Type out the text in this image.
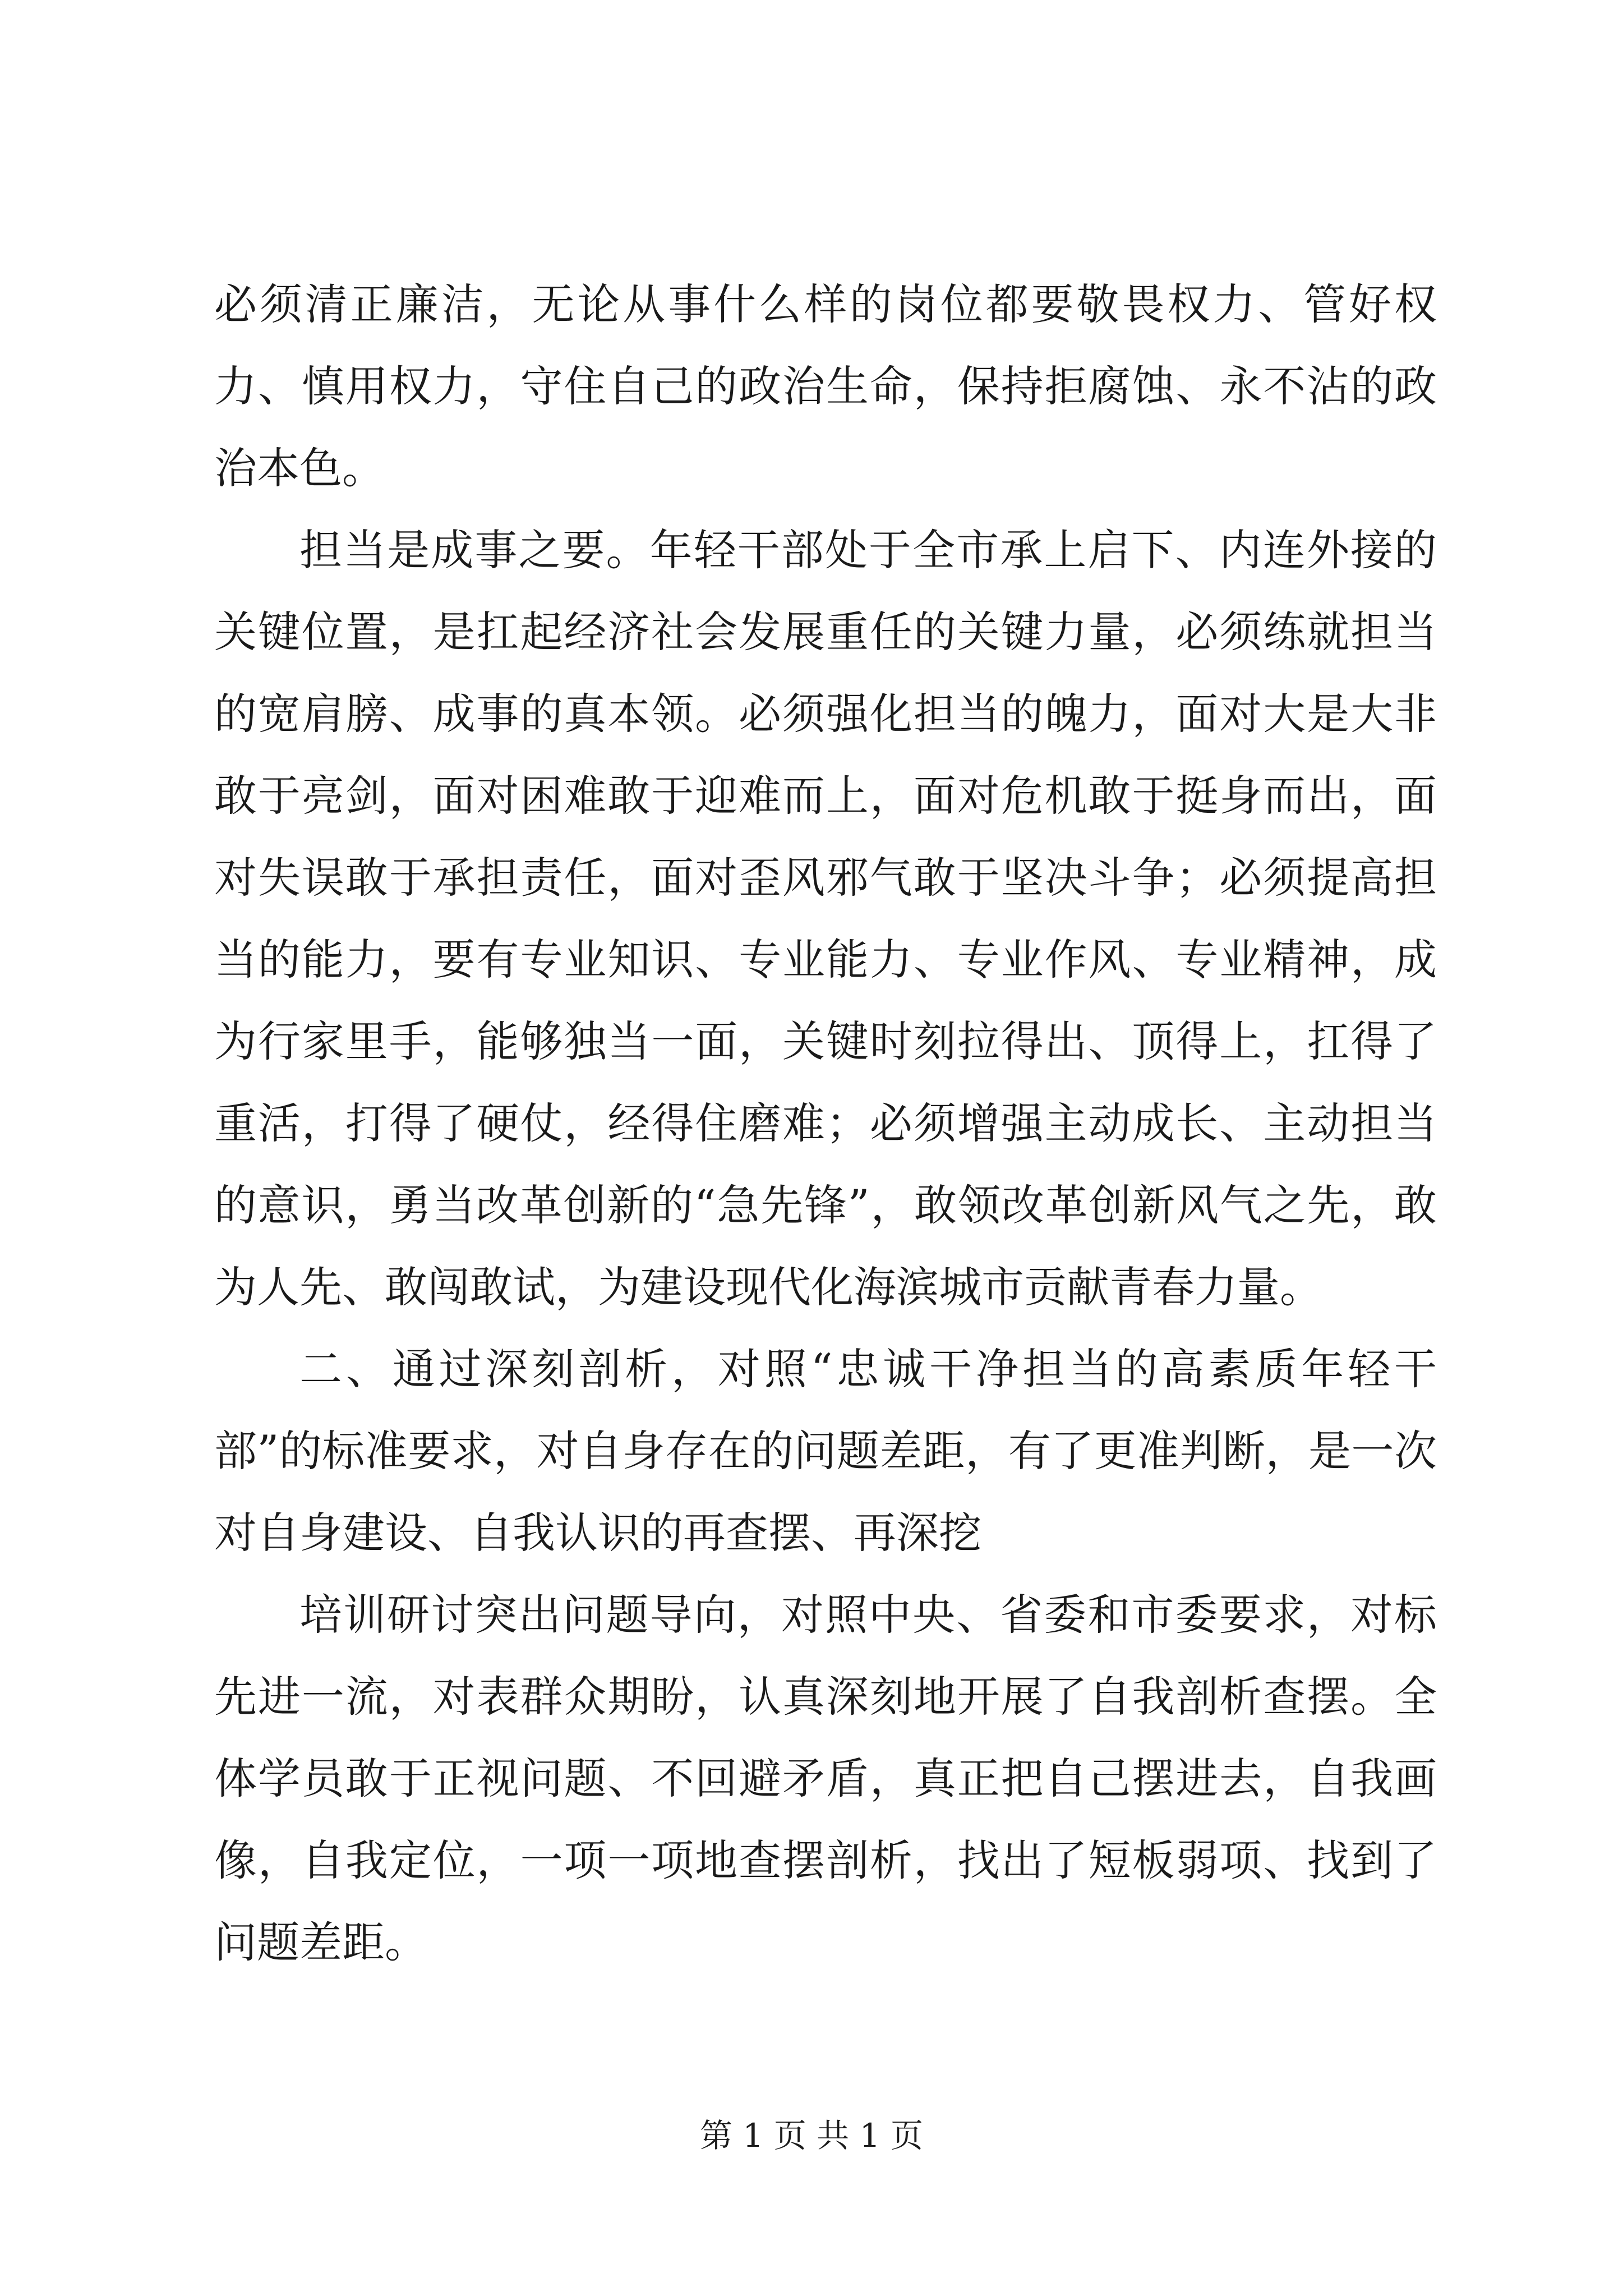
必须清正廉洁，无论从事什么样的岗位都要敬畏权力、管好权力、慎用权力，守住自己的政治生命，保持拒腐蚀、永不沾的政治本色。

担当是成事之要。年轻干部处于全市承上启下、内连外接的关键位置，是扛起经济社会发展重任的关键力量，必须练就担当的宽肩膀、成事的真本领。必须强化担当的魄力，面对大是大非敢于亮剑，面对困难敢于迎难而上，面对危机敢于挺身而出，面对失误敢于承担责任，面对歪风邪气敢于坚决斗争；必须提高担当的能力，要有专业知识、专业能力、专业作风、专业精神，成为行家里手，能够独当一面，关键时刻拉得出、顶得上，扛得了重活，打得了硬仗，经得住磨难；必须增强主动成长、主动担当的意识，勇当改革创新的“急先锋”，敢领改革创新风气之先，敢为人先、敢闯敢试，为建设现代化海滨城市贡献青春力量。

二、通过深刻剖析，对照“忠诚干净担当的高素质年轻干部”的标准要求，对自身存在的问题差距，有了更准判断，是一次对自身建设、自我认识的再查摆、再深挖

培训研讨突出问题导向，对照中央、省委和市委要求，对标先进一流，对表群众期盼，认真深刻地开展了自我剖析查摆。全体学员敢于正视问题、不回避矛盾，真正把自己摆进去，自我画像，自我定位，一项一项地查摆剖析，找出了短板弱项、找到了问题差距。

第 1 页 共 1 页
